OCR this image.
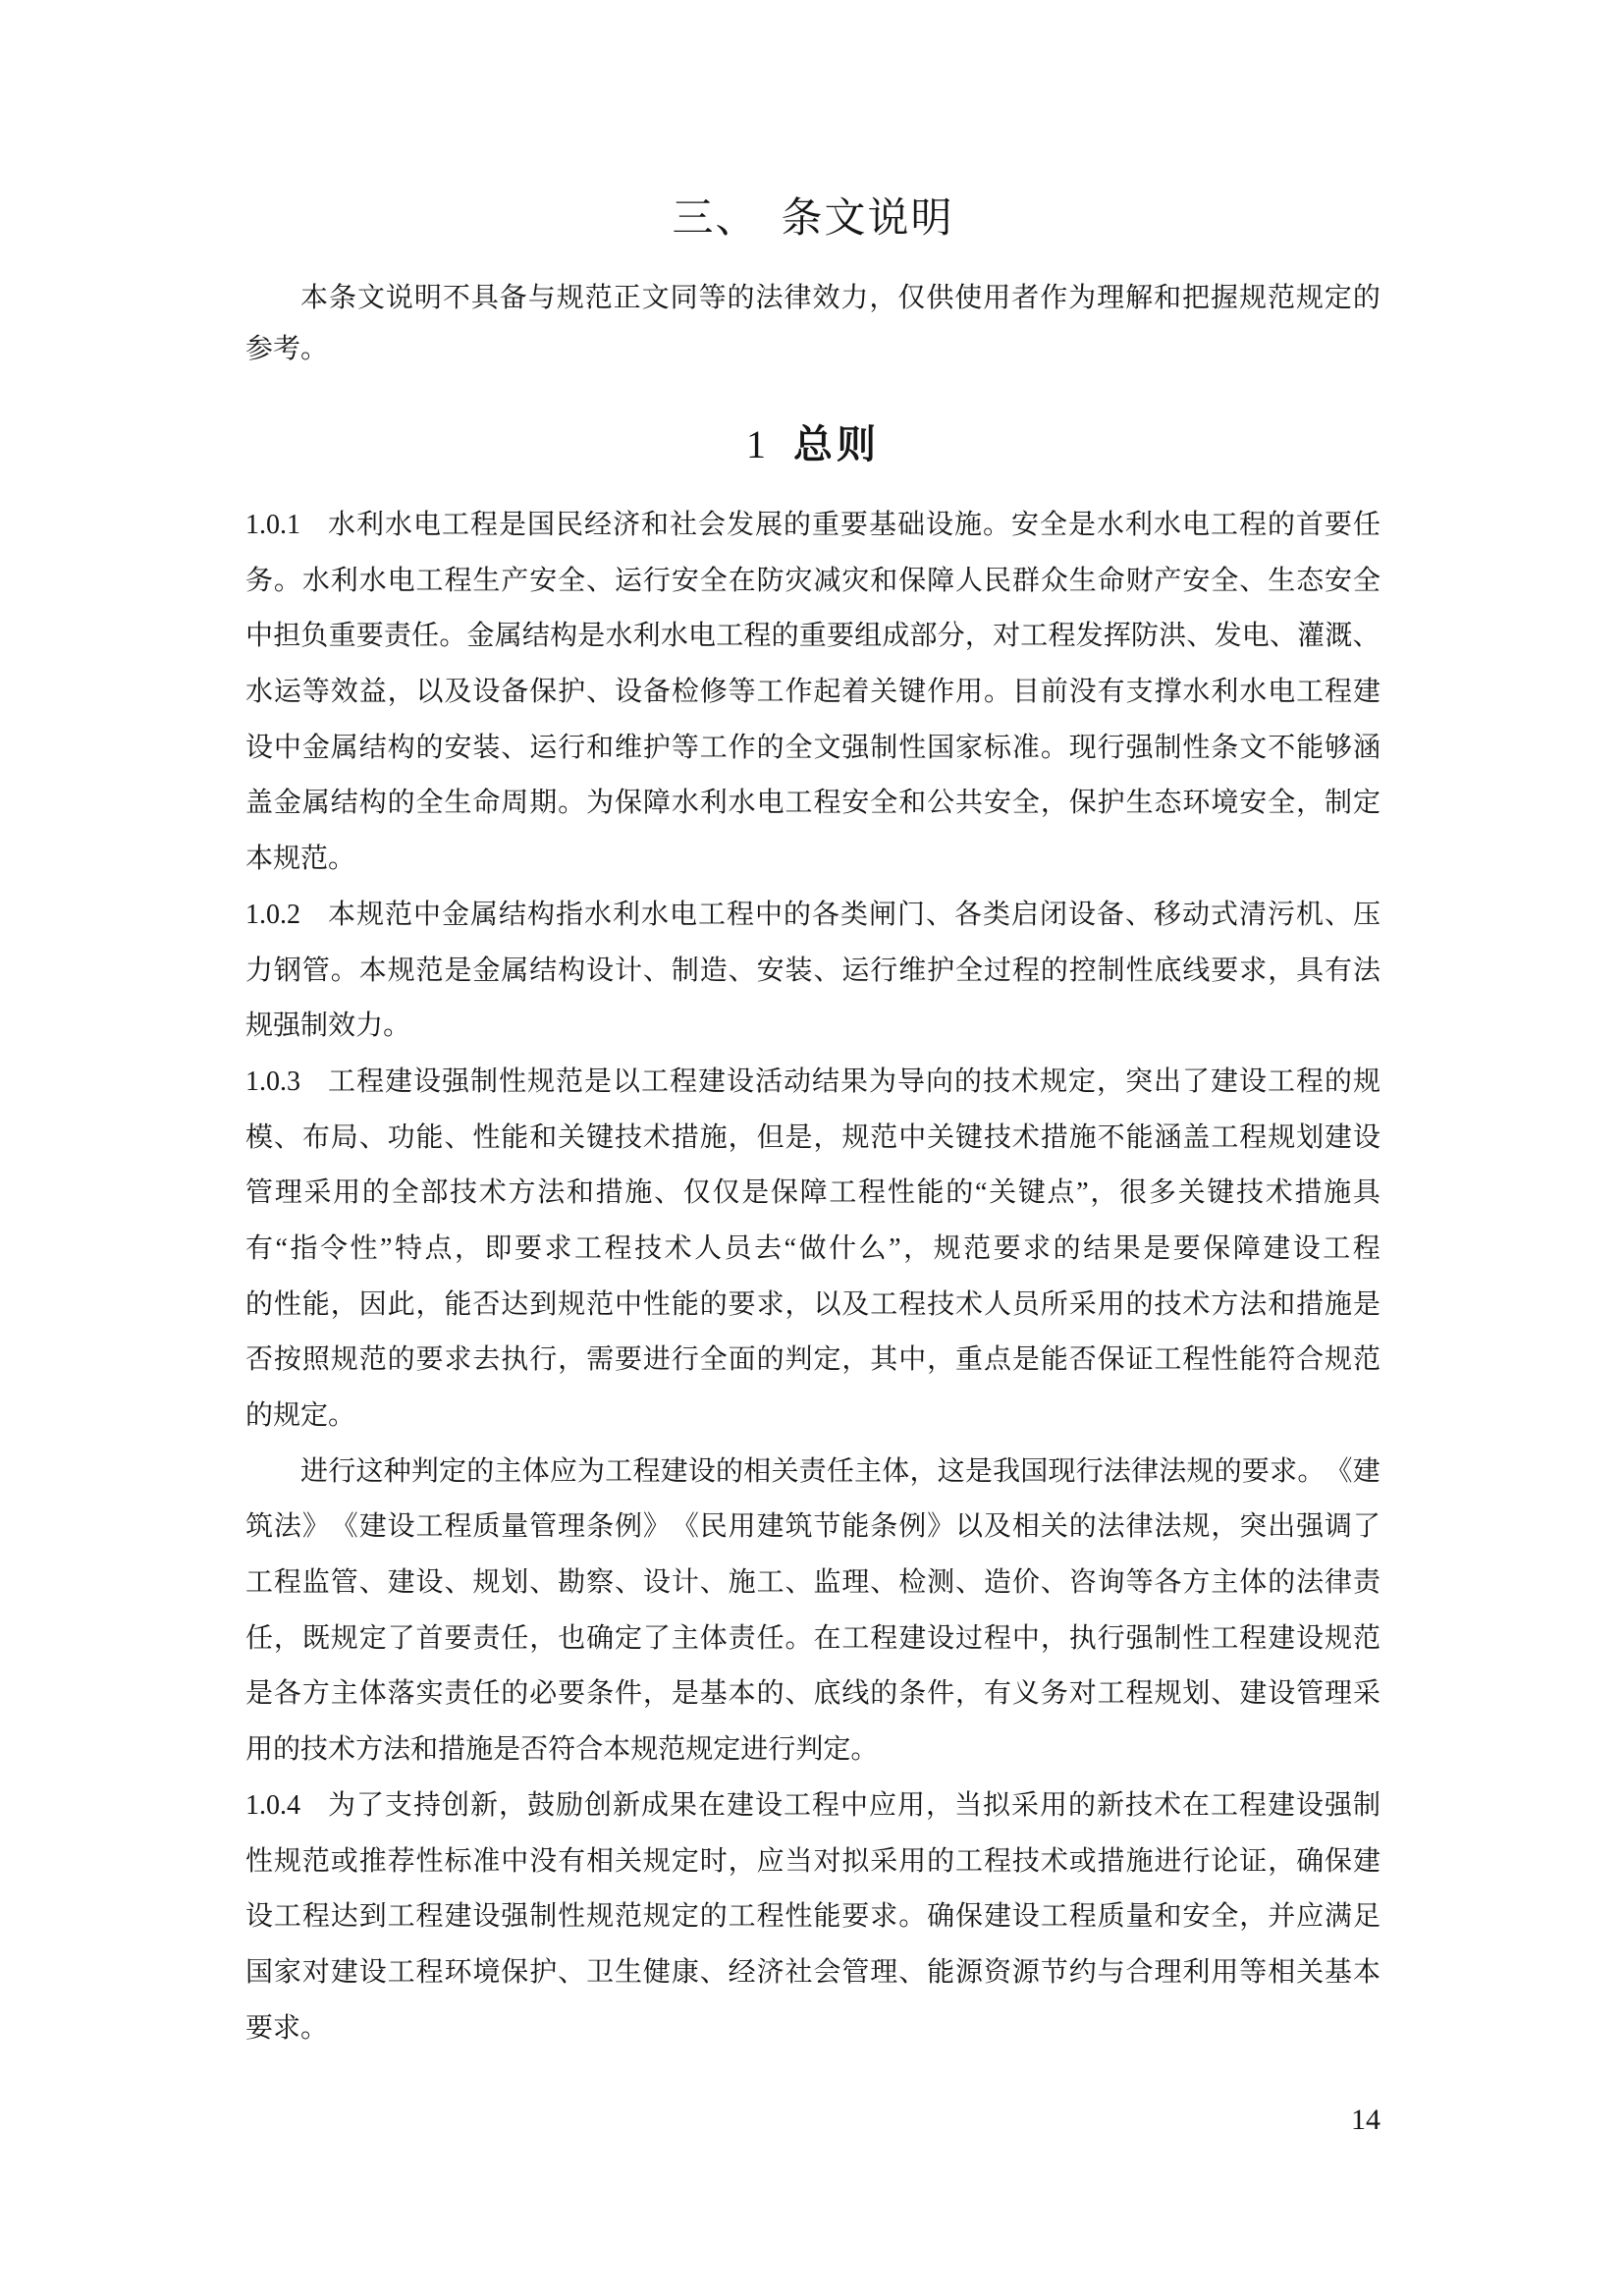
三、　条文说明
本 条 文 说 明 不 具 备 与 规 范 正 文 同 等 的 法 律 效 力 ， 仅 供 使 用 者 作 为 理 解 和 把 握 规 范 规 定 的
参考。
1 总则
1.0.1 水 利 水 电 工 程 是 国 民 经 济 和 社 会 发 展 的 重 要 基 础 设 施 。 安 全 是 水 利 水 电 工 程 的 首 要 任
务 。 水 利 水 电 工 程 生 产 安 全 、 运 行 安 全 在 防 灾 减 灾 和 保 障 人 民 群 众 生 命 财 产 安 全 、 生 态 安 全
中 担 负 重 要 责 任 。 金 属 结 构 是 水 利 水 电 工 程 的 重 要 组 成 部 分 ， 对 工 程 发 挥 防 洪 、 发 电 、 灌 溉 、
水 运 等 效 益 ， 以 及 设 备 保 护 、 设 备 检 修 等 工 作 起 着 关 键 作 用 。 目 前 没 有 支 撑 水 利 水 电 工 程 建
设 中 金 属 结 构 的 安 装 、 运 行 和 维 护 等 工 作 的 全 文 强 制 性 国 家 标 准 。 现 行 强 制 性 条 文 不 能 够 涵
盖 金 属 结 构 的 全 生 命 周 期 。 为 保 障 水 利 水 电 工 程 安 全 和 公 共 安 全 ， 保 护 生 态 环 境 安 全 ， 制 定
本规范。
1.0.2 本 规 范 中 金 属 结 构 指 水 利 水 电 工 程 中 的 各 类 闸 门 、 各 类 启 闭 设 备 、 移 动 式 清 污 机 、 压
力 钢 管 。 本 规 范 是 金 属 结 构 设 计 、 制 造 、 安 装 、 运 行 维 护 全 过 程 的 控 制 性 底 线 要 求 ， 具 有 法
规强制效力。
1.0.3 工 程 建 设 强 制 性 规 范 是 以 工 程 建 设 活 动 结 果 为 导 向 的 技 术 规 定 ， 突 出 了 建 设 工 程 的 规
模 、 布 局 、 功 能 、 性 能 和 关 键 技 术 措 施 ， 但 是 ， 规 范 中 关 键 技 术 措 施 不 能 涵 盖 工 程 规 划 建 设
管 理 采 用 的 全 部 技 术 方 法 和 措 施 、 仅 仅 是 保 障 工 程 性 能 的 “ 关 键 点 ” ， 很 多 关 键 技 术 措 施 具
有 “ 指 令 性 ” 特 点 ， 即 要 求 工 程 技 术 人 员 去 “ 做 什 么 ” ， 规 范 要 求 的 结 果 是 要 保 障 建 设 工 程
的 性 能 ， 因 此 ， 能 否 达 到 规 范 中 性 能 的 要 求 ， 以 及 工 程 技 术 人 员 所 采 用 的 技 术 方 法 和 措 施 是
否 按 照 规 范 的 要 求 去 执 行 ， 需 要 进 行 全 面 的 判 定 ， 其 中 ， 重 点 是 能 否 保 证 工 程 性 能 符 合 规 范
的规定。
进 行 这 种 判 定 的 主 体 应 为 工 程 建 设 的 相 关 责 任 主 体 ， 这 是 我 国 现 行 法 律 法 规 的 要 求 。 《 建
筑 法 》 《 建 设 工 程 质 量 管 理 条 例 》 《 民 用 建 筑 节 能 条 例 》 以 及 相 关 的 法 律 法 规 ， 突 出 强 调 了
工 程 监 管 、 建 设 、 规 划 、 勘 察 、 设 计 、 施 工 、 监 理 、 检 测 、 造 价 、 咨 询 等 各 方 主 体 的 法 律 责
任 ， 既 规 定 了 首 要 责 任 ， 也 确 定 了 主 体 责 任 。 在 工 程 建 设 过 程 中 ， 执 行 强 制 性 工 程 建 设 规 范
是 各 方 主 体 落 实 责 任 的 必 要 条 件 ， 是 基 本 的 、 底 线 的 条 件 ， 有 义 务 对 工 程 规 划 、 建 设 管 理 采
用的技术方法和措施是否符合本规范规定进行判定。
1.0.4 为 了 支 持 创 新 ， 鼓 励 创 新 成 果 在 建 设 工 程 中 应 用 ， 当 拟 采 用 的 新 技 术 在 工 程 建 设 强 制
性 规 范 或 推 荐 性 标 准 中 没 有 相 关 规 定 时 ， 应 当 对 拟 采 用 的 工 程 技 术 或 措 施 进 行 论 证 ， 确 保 建
设 工 程 达 到 工 程 建 设 强 制 性 规 范 规 定 的 工 程 性 能 要 求 。 确 保 建 设 工 程 质 量 和 安 全 ， 并 应 满 足
国 家 对 建 设 工 程 环 境 保 护 、 卫 生 健 康 、 经 济 社 会 管 理 、 能 源 资 源 节 约 与 合 理 利 用 等 相 关 基 本
要求。
14
